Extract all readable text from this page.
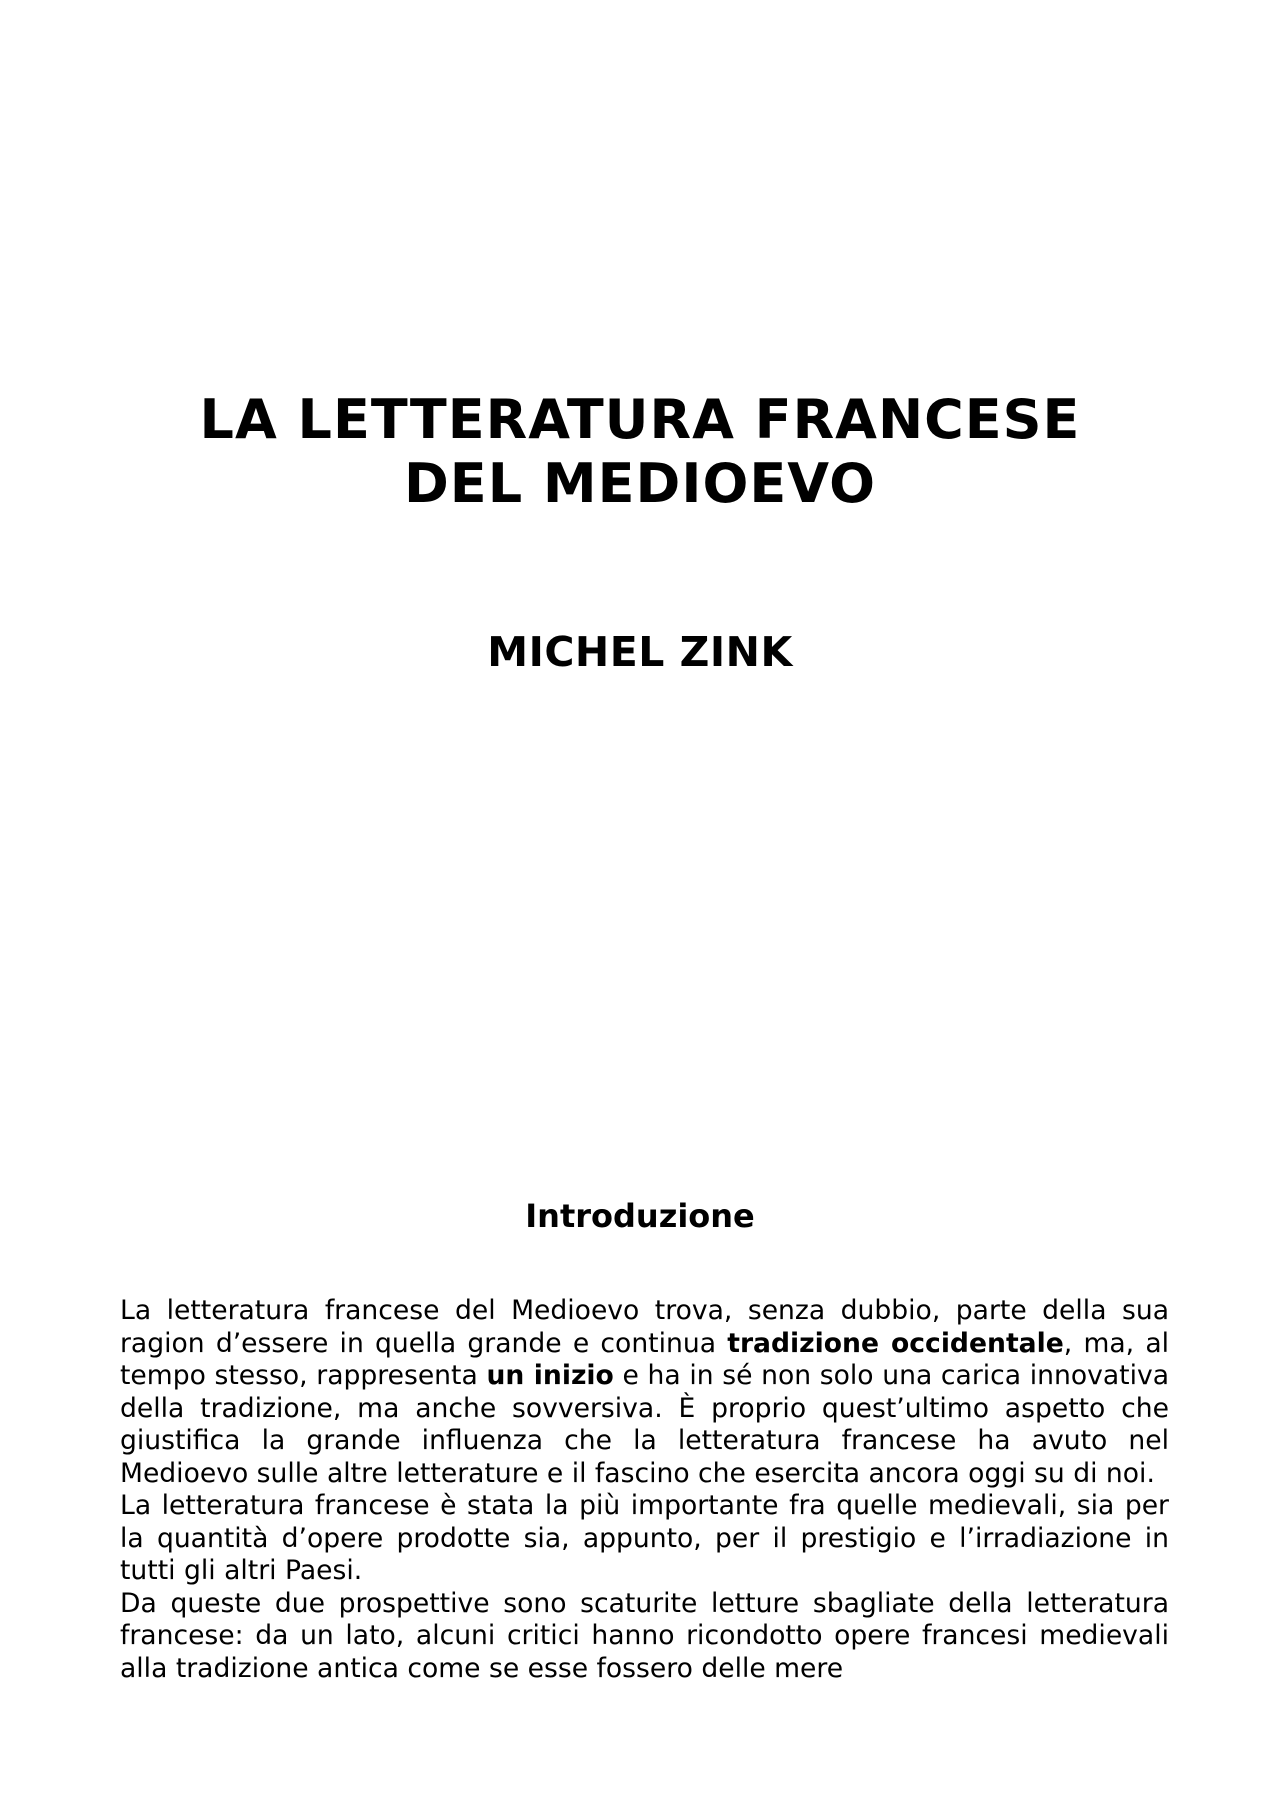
LA LETTERATURA FRANCESE
DEL MEDIOEVO
MICHEL ZINK
Introduzione

La letteratura francese del Medioevo trova, senza dubbio, parte della sua ragion d’essere in quella grande e continua tradizione occidentale, ma, al tempo stesso, rappresenta un inizio e ha in sé non solo una carica innovativa della tradizione, ma anche sovversiva. È proprio quest’ultimo aspetto che giustifica la grande influenza che la letteratura francese ha avuto nel Medioevo sulle altre letterature e il fascino che esercita ancora oggi su di noi.

La letteratura francese è stata la più importante fra quelle medievali, sia per la quantità d’opere prodotte sia, appunto, per il prestigio e l’irradiazione in tutti gli altri Paesi.

Da queste due prospettive sono scaturite letture sbagliate della letteratura francese: da un lato, alcuni critici hanno ricondotto opere francesi medievali alla tradizione antica come se esse fossero delle mere
